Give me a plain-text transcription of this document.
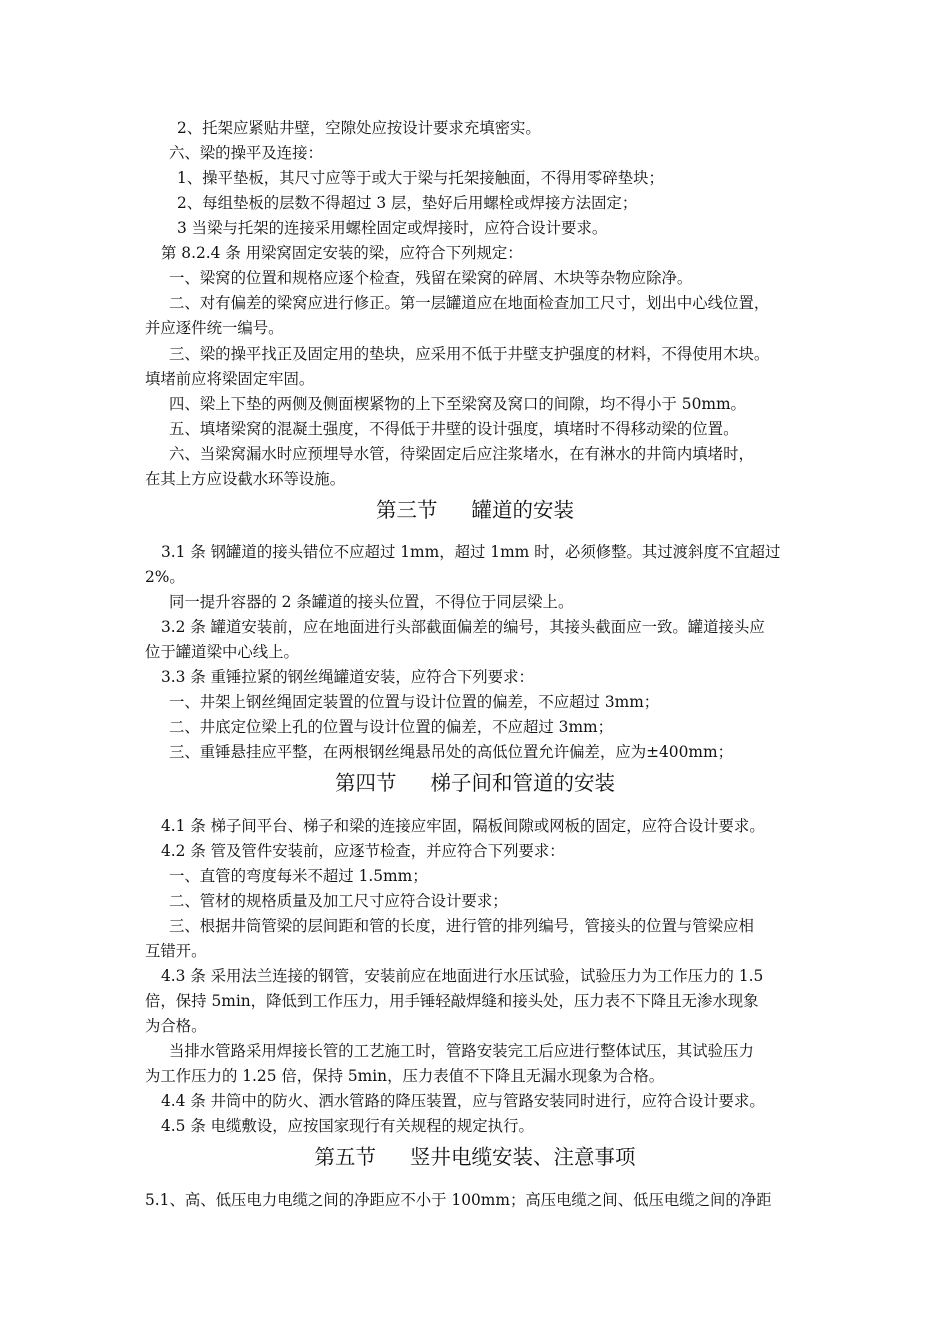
2、托架应紧贴井壁，空隙处应按设计要求充填密实。
六、梁的操平及连接：
1、操平垫板，其尺寸应等于或大于梁与托架接触面，不得用零碎垫块；
2、每组垫板的层数不得超过 3 层，垫好后用螺栓或焊接方法固定；
3 当梁与托架的连接采用螺栓固定或焊接时，应符合设计要求。
第 8.2.4 条 用梁窝固定安装的梁，应符合下列规定：
一、梁窝的位置和规格应逐个检查，残留在梁窝的碎屑、木块等杂物应除净。
二、对有偏差的梁窝应进行修正。第一层罐道应在地面检查加工尺寸，划出中心线位置，
并应逐件统一编号。
三、梁的操平找正及固定用的垫块，应采用不低于井壁支护强度的材料，不得使用木块。
填堵前应将梁固定牢固。
四、梁上下垫的两侧及侧面楔紧物的上下至梁窝及窝口的间隙，均不得小于 50mm。
五、填堵梁窝的混凝土强度，不得低于井壁的设计强度，填堵时不得移动梁的位置。
六、当梁窝漏水时应预埋导水管，待梁固定后应注浆堵水，在有淋水的井筒内填堵时，
在其上方应设截水环等设施。
第三节 罐道的安装
3.1 条 钢罐道的接头错位不应超过 1mm，超过 1mm 时，必须修整。其过渡斜度不宜超过
2%。
同一提升容器的 2 条罐道的接头位置，不得位于同层梁上。
3.2 条 罐道安装前，应在地面进行头部截面偏差的编号，其接头截面应一致。罐道接头应
位于罐道梁中心线上。
3.3 条 重锤拉紧的钢丝绳罐道安装，应符合下列要求：
一、井架上钢丝绳固定装置的位置与设计位置的偏差，不应超过 3mm；
二、井底定位梁上孔的位置与设计位置的偏差，不应超过 3mm；
三、重锤悬挂应平整，在两根钢丝绳悬吊处的高低位置允许偏差，应为±400mm；
第四节 梯子间和管道的安装
4.1 条 梯子间平台、梯子和梁的连接应牢固，隔板间隙或网板的固定，应符合设计要求。
4.2 条 管及管件安装前，应逐节检查，并应符合下列要求：
一、直管的弯度每米不超过 1.5mm；
二、管材的规格质量及加工尺寸应符合设计要求；
三、根据井筒管梁的层间距和管的长度，进行管的排列编号，管接头的位置与管梁应相
互错开。
4.3 条 采用法兰连接的钢管，安装前应在地面进行水压试验，试验压力为工作压力的 1.5
倍，保持 5min，降低到工作压力，用手锤轻敲焊缝和接头处，压力表不下降且无渗水现象
为合格。
当排水管路采用焊接长管的工艺施工时，管路安装完工后应进行整体试压，其试验压力
为工作压力的 1.25 倍，保持 5min，压力表值不下降且无漏水现象为合格。
4.4 条 井筒中的防火、洒水管路的降压装置，应与管路安装同时进行，应符合设计要求。
4.5 条 电缆敷设，应按国家现行有关规程的规定执行。
第五节 竖井电缆安装、注意事项
5.1、高、低压电力电缆之间的净距应不小于 100mm；高压电缆之间、低压电缆之间的净距
